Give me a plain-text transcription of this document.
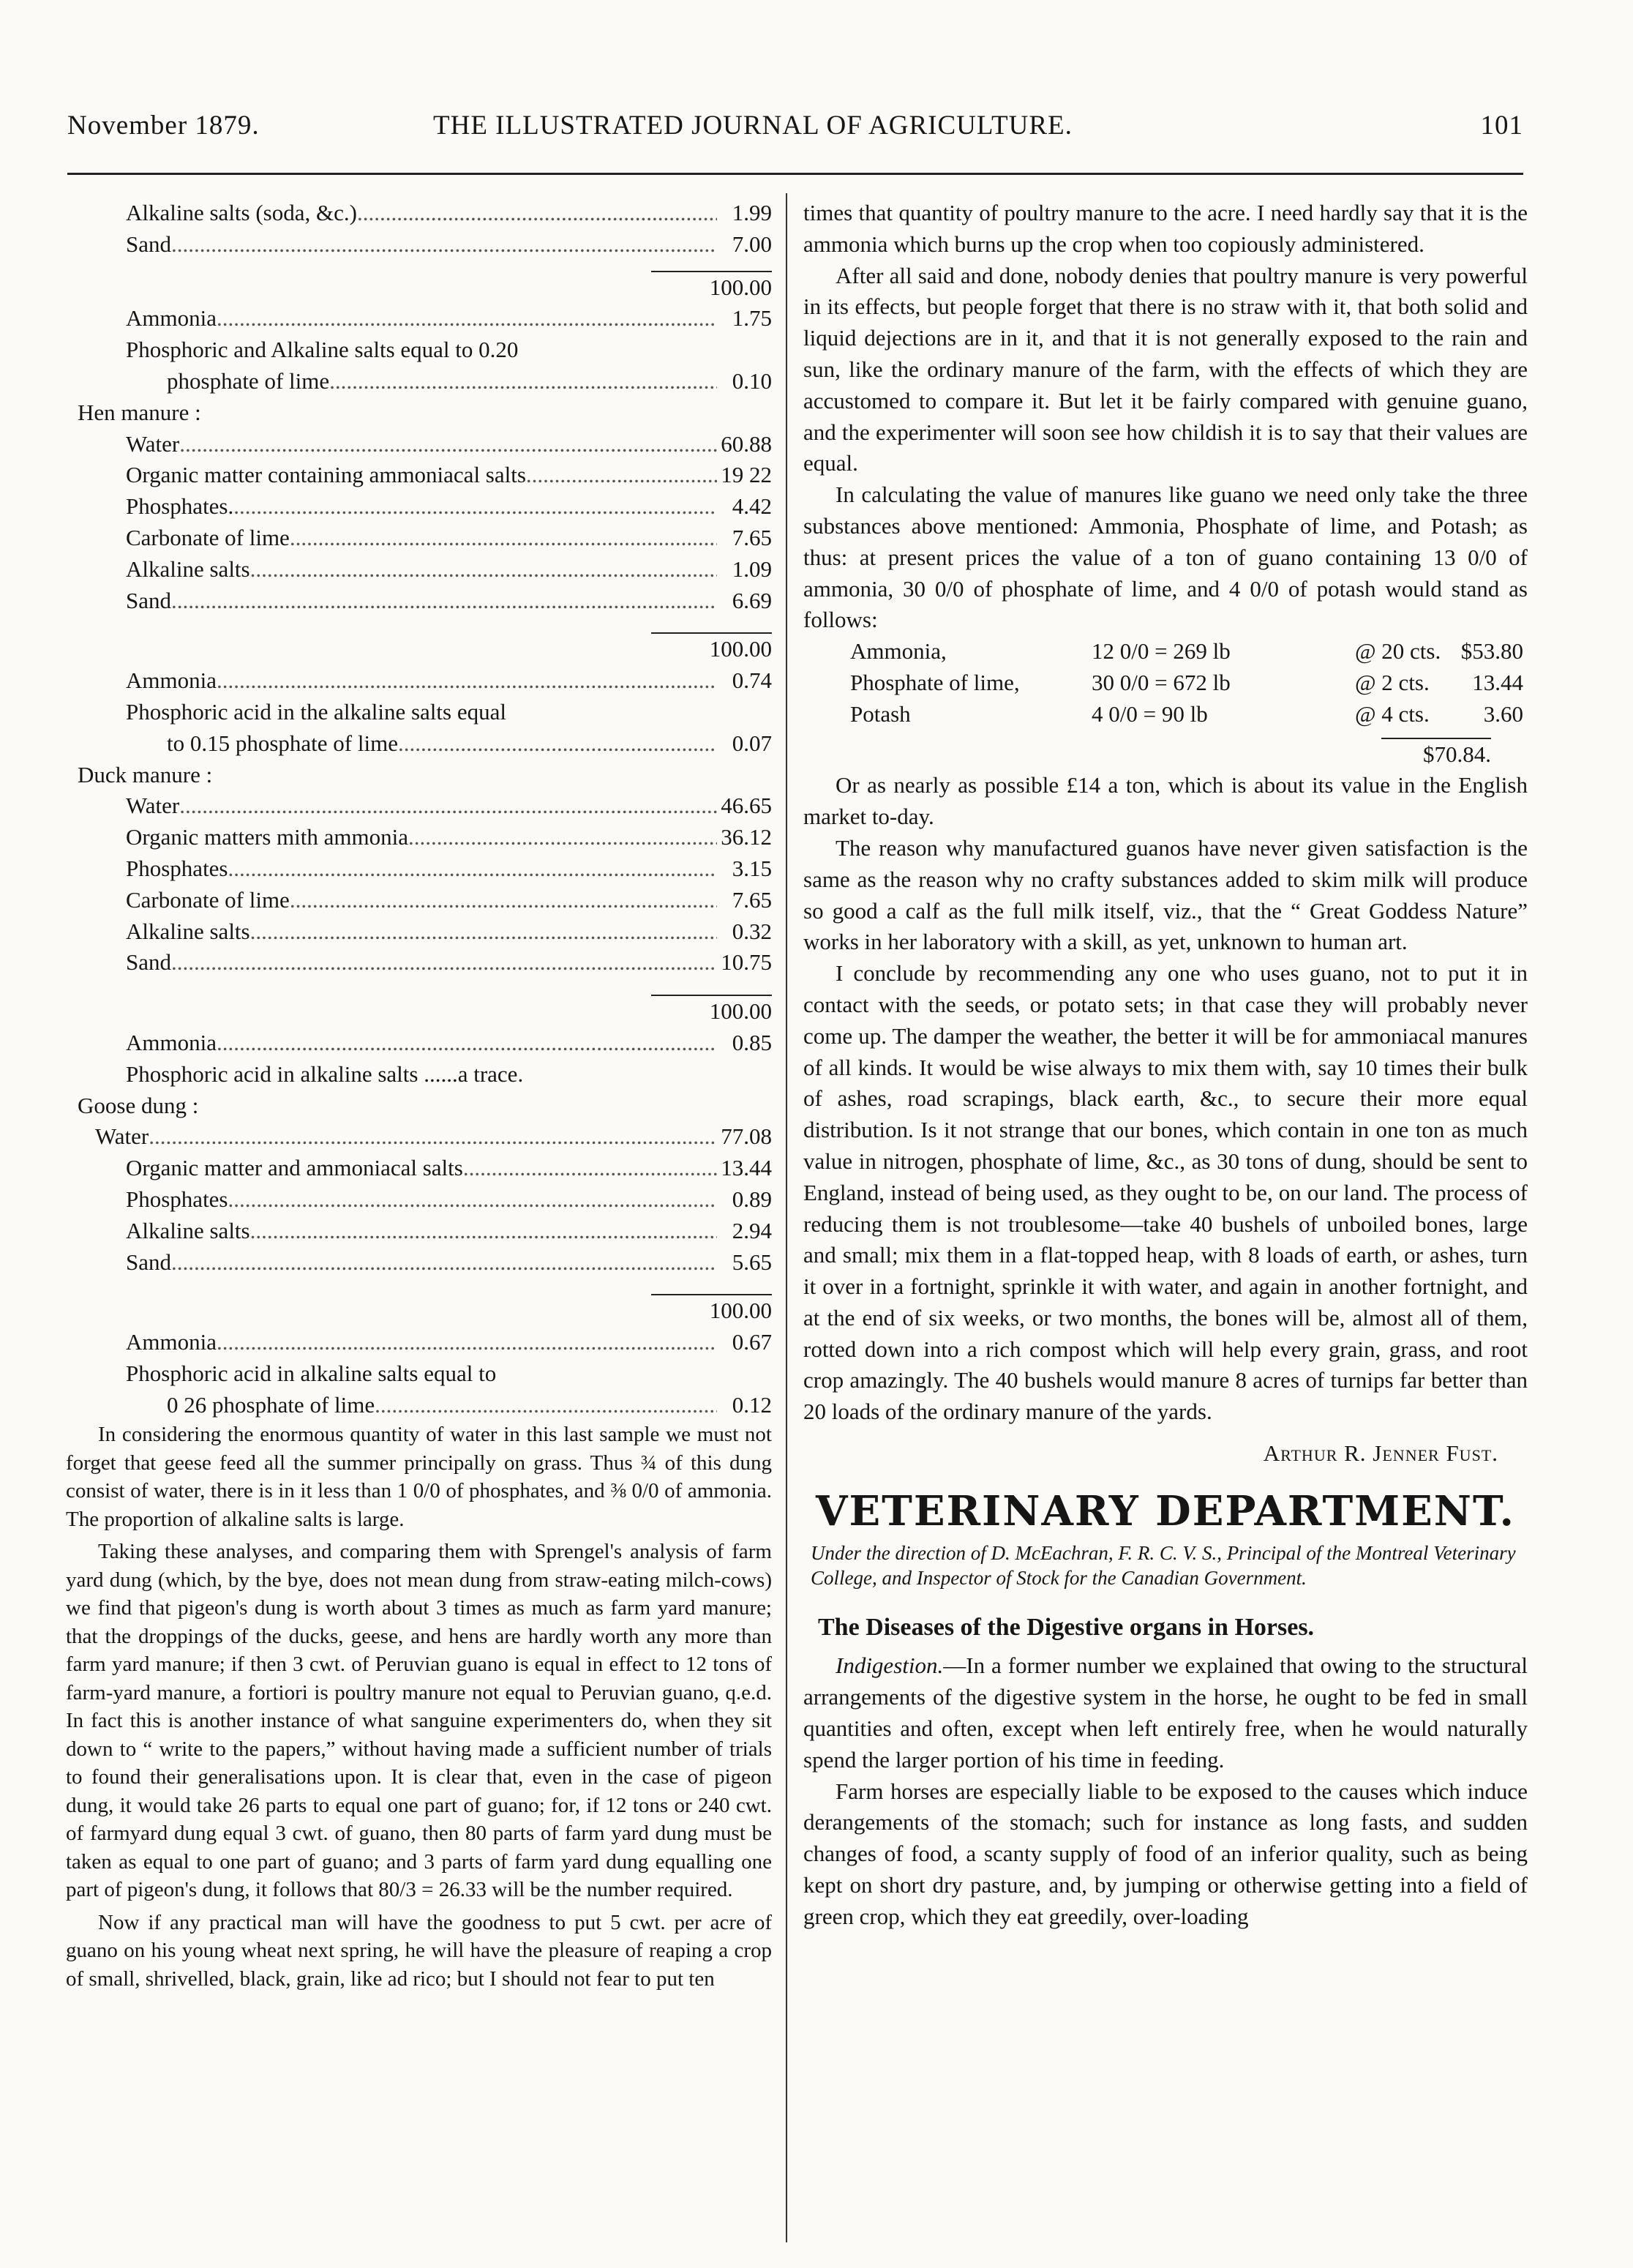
November 1879.	THE ILLUSTRATED JOURNAL OF AGRICULTURE.	101
Alkaline salts (soda, &c.) .....	1.99
Sand .....	7.00
100.00
Ammonia .....	1.75
Phosphoric and Alkaline salts equal to 0.20
phosphate of lime .....	0.10
Hen manure :
Water .....	60.88
Organic matter containing ammoniacal salts .....	19 22
Phosphates. .....	4.42
Carbonate of lime .....	7.65
Alkaline salts .....	1.09
Sand .....	6.69
100.00
Ammonia .....	0.74
Phosphoric acid in the alkaline salts equal
to 0.15 phosphate of lime .....	0.07
Duck manure :
Water .....	46.65
Organic matters mith ammonia .....	36.12
Phosphates .....	3.15
Carbonate of lime .....	7.65
Alkaline salts .....	0.32
Sand .....	10.75
100.00
Ammonia .....	0.85
Phosphoric acid in alkaline salts ......a trace.
Goose dung :
Water .....	77.08
Organic matter and ammoniacal salts .....	13.44
Phosphates .....	0.89
Alkaline salts .....	2.94
Sand .....	5.65
100.00
Ammonia .....	0.67
Phosphoric acid in alkaline salts equal to
0 26 phosphate of lime .....	0.12

In considering the enormous quantity of water in this last sample we must not forget that geese feed all the summer principally on grass. Thus ¾ of this dung consist of water, there is in it less than 1 0/0 of phosphates, and ⅜ 0/0 of ammonia. The proportion of alkaline salts is large.

Taking these analyses, and comparing them with Sprengel's analysis of farm yard dung (which, by the bye, does not mean dung from straw-eating milch-cows) we find that pigeon's dung is worth about 3 times as much as farm yard manure; that the droppings of the ducks, geese, and hens are hardly worth any more than farm yard manure; if then 3 cwt. of Peruvian guano is equal in effect to 12 tons of farm-yard manure, a fortiori is poultry manure not equal to Peruvian guano, q.e.d. In fact this is another instance of what sanguine experimenters do, when they sit down to “ write to the papers,” without having made a sufficient number of trials to found their generalisations upon. It is clear that, even in the case of pigeon dung, it would take 26 parts to equal one part of guano; for, if 12 tons or 240 cwt. of farmyard dung equal 3 cwt. of guano, then 80 parts of farm yard dung must be taken as equal to one part of guano; and 3 parts of farm yard dung equalling one part of pigeon's dung, it follows that 80/3 = 26.33 will be the number required.

Now if any practical man will have the goodness to put 5 cwt. per acre of guano on his young wheat next spring, he will have the pleasure of reaping a crop of small, shrivelled, black, grain, like ad rico; but I should not fear to put ten

times that quantity of poultry manure to the acre. I need hardly say that it is the ammonia which burns up the crop when too copiously administered.

After all said and done, nobody denies that poultry manure is very powerful in its effects, but people forget that there is no straw with it, that both solid and liquid dejections are in it, and that it is not generally exposed to the rain and sun, like the ordinary manure of the farm, with the effects of which they are accustomed to compare it. But let it be fairly compared with genuine guano, and the experimenter will soon see how childish it is to say that their values are equal.

In calculating the value of manures like guano we need only take the three substances above mentioned: Ammonia, Phosphate of lime, and Potash; as thus: at present prices the value of a ton of guano containing 13 0/0 of ammonia, 30 0/0 of phosphate of lime, and 4 0/0 of potash would stand as follows:

Ammonia,	12 0/0 = 269 lb	@ 20 cts. $53.80
Phosphate of lime,	30 0/0 = 672 lb	@ 2 cts.	13.44
Potash	4 0/0 = 90 lb	@ 4 cts.	3.60
$70.84.

Or as nearly as possible £14 a ton, which is about its value in the English market to-day.

The reason why manufactured guanos have never given satisfaction is the same as the reason why no crafty substances added to skim milk will produce so good a calf as the full milk itself, viz., that the “ Great Goddess Nature” works in her laboratory with a skill, as yet, unknown to human art.

I conclude by recommending any one who uses guano, not to put it in contact with the seeds, or potato sets; in that case they will probably never come up. The damper the weather, the better it will be for ammoniacal manures of all kinds. It would be wise always to mix them with, say 10 times their bulk of ashes, road scrapings, black earth, &c., to secure their more equal distribution. Is it not strange that our bones, which contain in one ton as much value in nitrogen, phosphate of lime, &c., as 30 tons of dung, should be sent to England, instead of being used, as they ought to be, on our land. The process of reducing them is not troublesome—take 40 bushels of unboiled bones, large and small; mix them in a flat-topped heap, with 8 loads of earth, or ashes, turn it over in a fortnight, sprinkle it with water, and again in another fortnight, and at the end of six weeks, or two months, the bones will be, almost all of them, rotted down into a rich compost which will help every grain, grass, and root crop amazingly. The 40 bushels would manure 8 acres of turnips far better than 20 loads of the ordinary manure of the yards.

Arthur R. Jenner Fust.
VETERINARY DEPARTMENT.
Under the direction of D. McEachran, F. R. C. V. S., Principal of the Montreal Veterinary College, and Inspector of Stock for the Canadian Government.
The Diseases of the Digestive organs in Horses.

Indigestion.—In a former number we explained that owing to the structural arrangements of the digestive system in the horse, he ought to be fed in small quantities and often, except when left entirely free, when he would naturally spend the larger portion of his time in feeding.

Farm horses are especially liable to be exposed to the causes which induce derangements of the stomach; such for instance as long fasts, and sudden changes of food, a scanty supply of food of an inferior quality, such as being kept on short dry pasture, and, by jumping or otherwise getting into a field of green crop, which they eat greedily, over-loading
